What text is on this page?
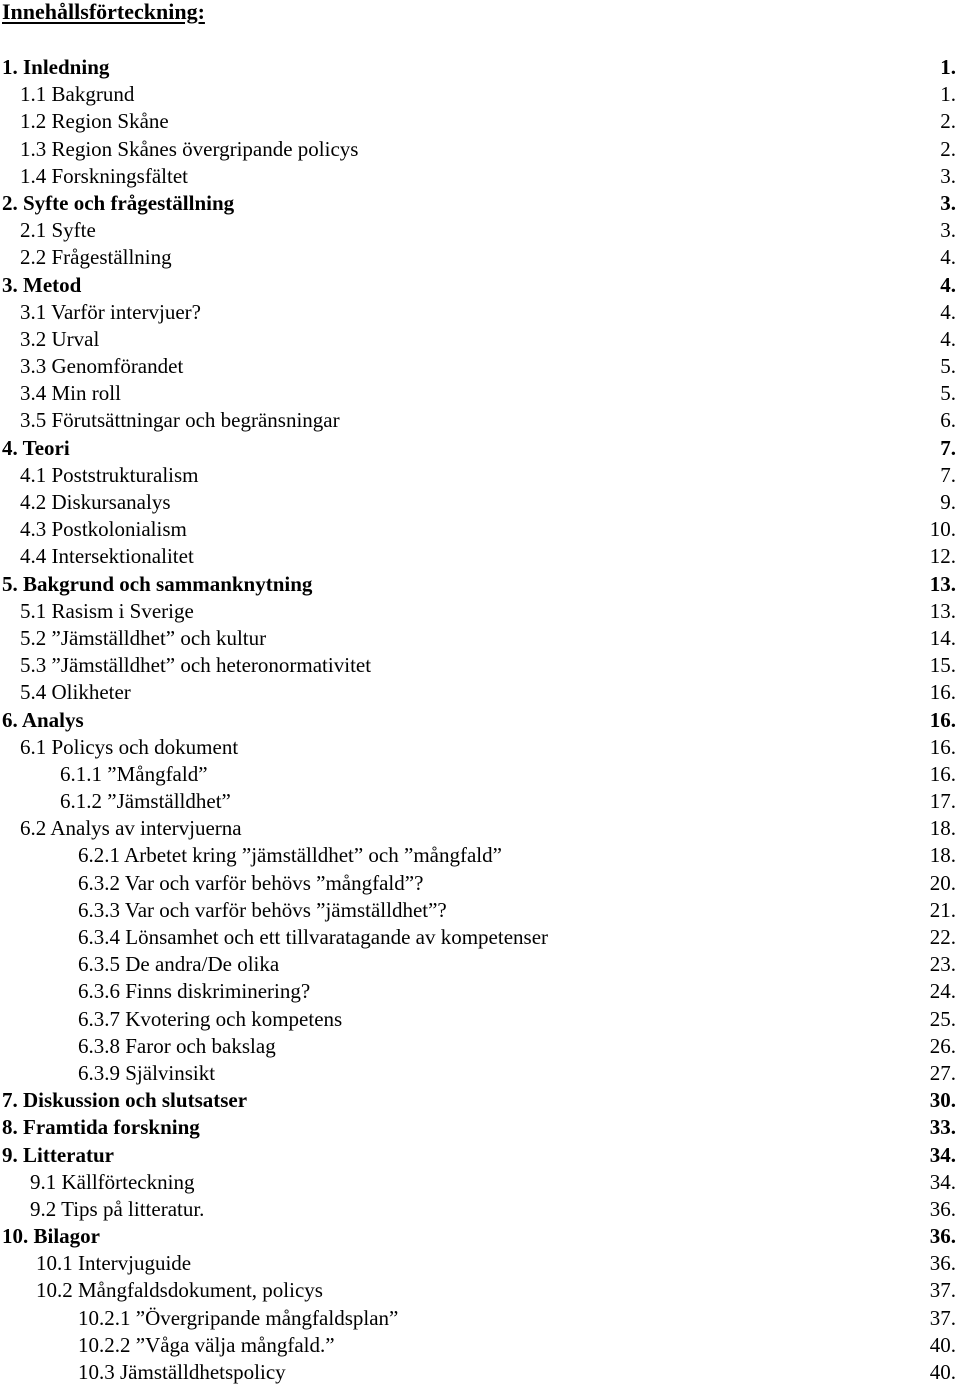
Innehållsförteckning:
1. Inledning	1.
1.1 Bakgrund	1.
1.2 Region Skåne	2.
1.3 Region Skånes övergripande policys	2.
1.4 Forskningsfältet	3.
2. Syfte och frågeställning	3.
2.1 Syfte	3.
2.2 Frågeställning	4.
3. Metod	4.
3.1 Varför intervjuer?	4.
3.2 Urval	4.
3.3 Genomförandet	5.
3.4 Min roll	5.
3.5 Förutsättningar och begränsningar	6.
4. Teori	7.
4.1 Poststrukturalism	7.
4.2 Diskursanalys	9.
4.3 Postkolonialism	10.
4.4 Intersektionalitet	12.
5. Bakgrund och sammanknytning	13.
5.1 Rasism i Sverige	13.
5.2 ”Jämställdhet” och kultur	14.
5.3 ”Jämställdhet” och heteronormativitet	15.
5.4 Olikheter	16.
6. Analys	16.
6.1 Policys och dokument	16.
6.1.1 ”Mångfald”	16.
6.1.2 ”Jämställdhet”	17.
6.2 Analys av intervjuerna	18.
6.2.1 Arbetet kring ”jämställdhet” och ”mångfald”	18.
6.3.2 Var och varför behövs ”mångfald”?	20.
6.3.3 Var och varför behövs ”jämställdhet”?	21.
6.3.4 Lönsamhet och ett tillvaratagande av kompetenser	22.
6.3.5 De andra/De olika	23.
6.3.6 Finns diskriminering?	24.
6.3.7 Kvotering och kompetens	25.
6.3.8 Faror och bakslag	26.
6.3.9 Självinsikt	27.
7. Diskussion och slutsatser	30.
8. Framtida forskning	33.
9. Litteratur	34.
9.1 Källförteckning	34.
9.2 Tips på litteratur.	36.
10. Bilagor	36.
10.1 Intervjuguide	36.
10.2 Mångfaldsdokument, policys	37.
10.2.1 ”Övergripande mångfaldsplan”	37.
10.2.2 ”Våga välja mångfald.”	40.
10.3 Jämställdhetspolicy	40.
